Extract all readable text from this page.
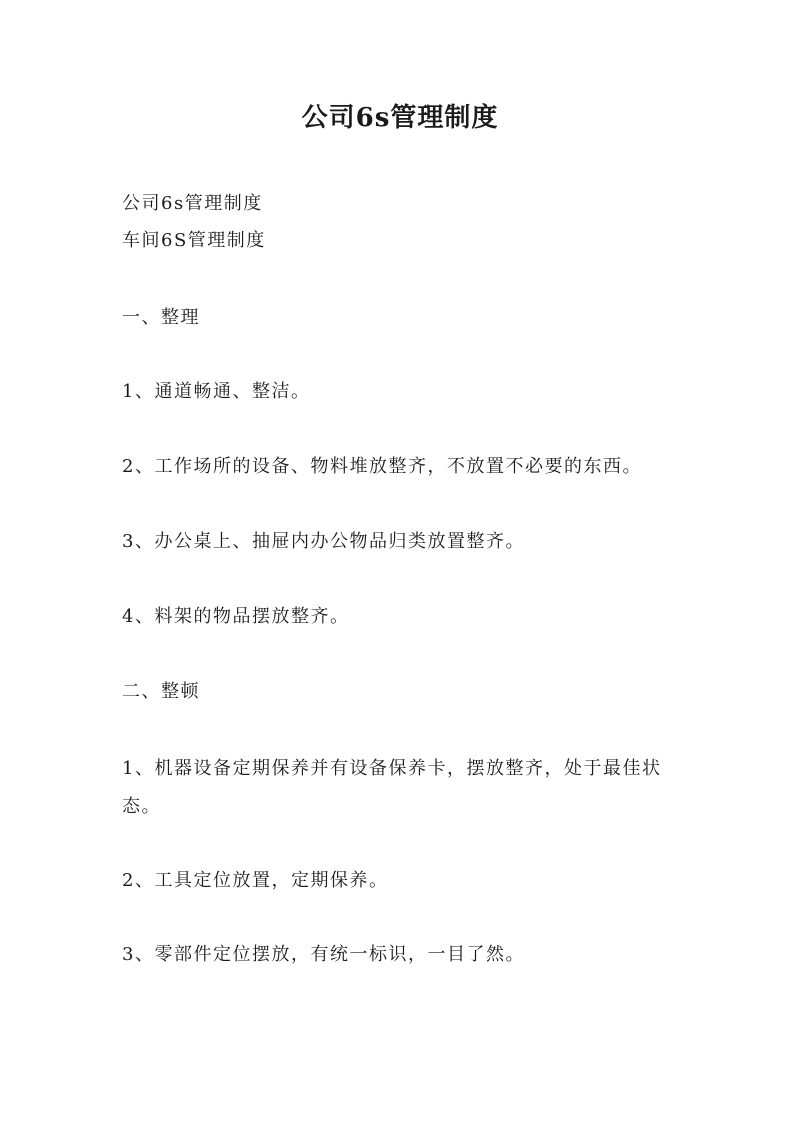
公司6s管理制度

公司6s管理制度

车间6S管理制度

一、整理

1、通道畅通、整洁。

2、工作场所的设备、物料堆放整齐，不放置不必要的东西。

3、办公桌上、抽屉内办公物品归类放置整齐。

4、料架的物品摆放整齐。

二、整顿

1、机器设备定期保养并有设备保养卡，摆放整齐，处于最佳状态。

2、工具定位放置，定期保养。

3、零部件定位摆放，有统一标识，一目了然。
